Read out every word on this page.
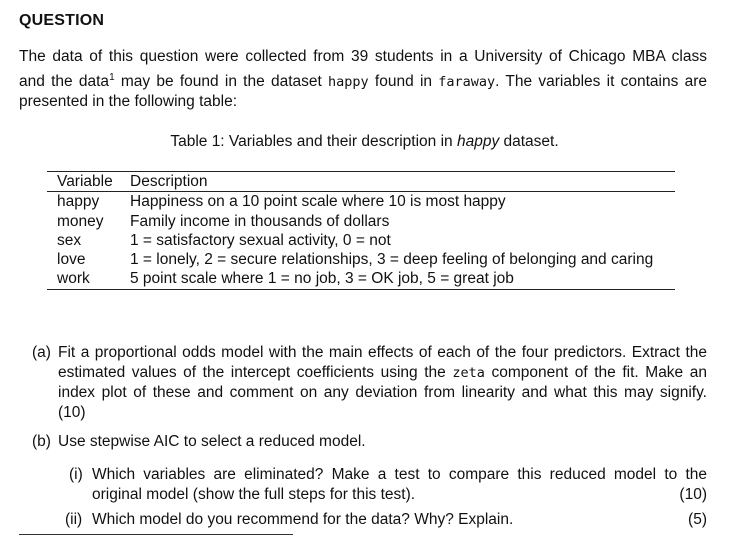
QUESTION
The data of this question were collected from 39 students in a University of Chicago MBA class
and the data$^1$ may be found in the dataset happy found in faraway. The variables it contains are
presented in the following table:
Table 1: Variables and their description in happy dataset.
Variable	Description
happy	Happiness on a 10 point scale where 10 is most happy
money	Family income in thousands of dollars
sex	1 = satisfactory sexual activity, 0 = not
love	1 = lonely, 2 = secure relationships, 3 = deep feeling of belonging and caring
work	5 point scale where 1 = no job, 3 = OK job, 5 = great job
(a) Fit a proportional odds model with the main effects of each of the four predictors. Extract the
estimated values of the intercept coefficients using the zeta component of the fit. Make an
index plot of these and comment on any deviation from linearity and what this may signify.
(10)
(b) Use stepwise AIC to select a reduced model.
(i) Which variables are eliminated? Make a test to compare this reduced model to the
original model (show the full steps for this test).	(10)
(ii) Which model do you recommend for the data? Why? Explain.	(5)
